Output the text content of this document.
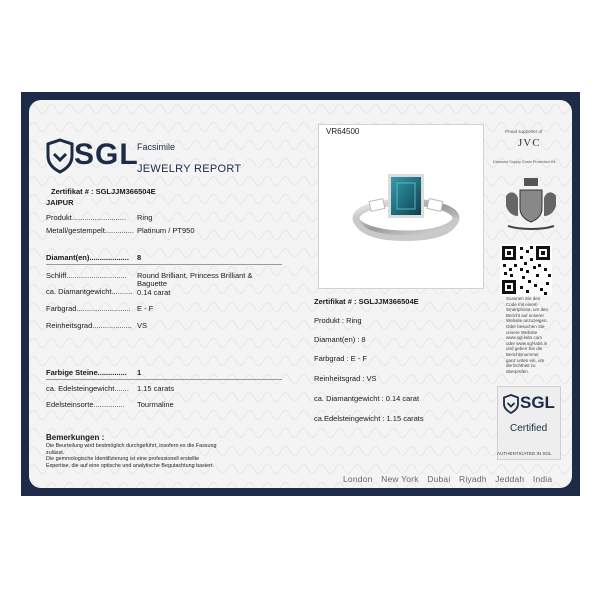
SGL
Facsimile
JEWELRY REPORT
Zertifikat # : SGLJJM366504E
JAIPUR
Produkt.......................... Ring
Metall/gestempelt.............. Platinum / PT950
Diamant(en)................... 8
Schliff............................. Round Brilliant, Princess Brilliant &
Baguette
ca. Diamantgewicht.......... 0.14 carat
Farbgrad.......................... E - F
Reinheitsgrad................... VS
Farbige Steine.............. 1
ca. Edelsteingewicht....... 1.15 carats
Edelsteinsorte............... Tourmaline
Bemerkungen :
Die Beurteilung wird bestmöglich durchgeführt, insofern es die Fassung
zulässt.
Die gemmologische Identifizierung ist eine professionell erstellte
Expertise, die auf eine optische und analytische Begutachtung basiert.
VR64500
Zertifikat # : SGLJJM366504E
Produkt : Ring
Diamant(en) : 8
Farbgrad : E - F
Reinheitsgrad : VS
ca. Diamantgewicht : 0.14 carat
ca.Edelsteingewicht : 1.15 carats
Proud supporter of
JVC
Diamond Supply Chain Protection Kit
Scannen Sie den
Code mit einem
Smartphone, um den
Bericht auf unserer
Website anzuzeigen.
Oder besuchen Sie
unsere Website
www.sgl-labs.com
oder www.sgl-labs.in
und geben Sie die
Berichtsnummer
ganz unten ein, um
die Echtheit zu
überprüfen.
SGL
Certified
AUTHENTICATED IN SGL
London New York Dubai Riyadh Jeddah India
